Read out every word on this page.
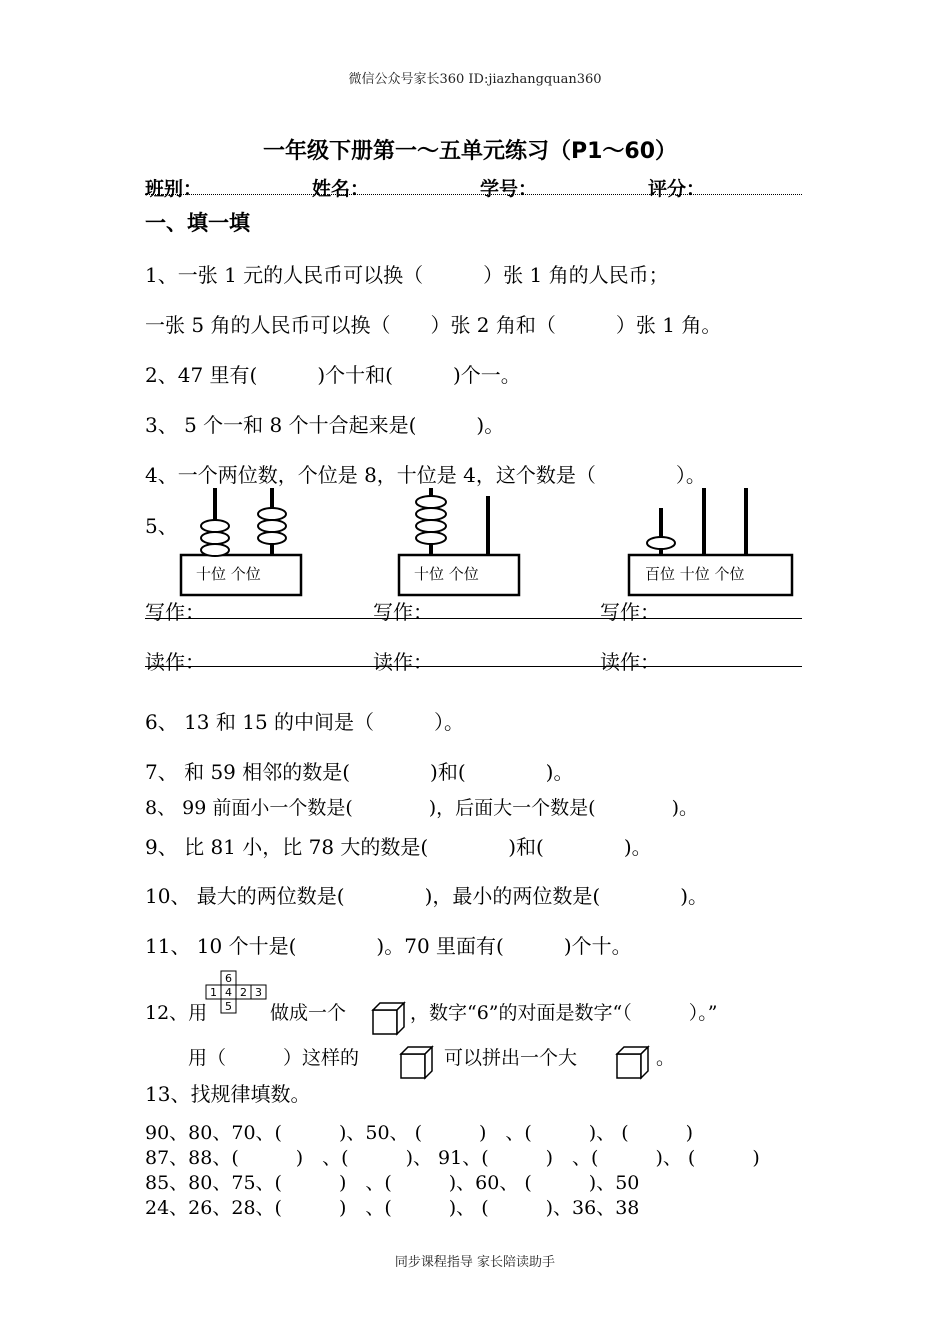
微信公众号家长360 ID:jiazhangquan360
一年级下册第一～五单元练习（P1～60）
班别：	姓名：	学号：	评分：
一、填一填
1、一张 1 元的人民币可以换（　　　）张 1 角的人民币；
一张 5 角的人民币可以换（　　）张 2 角和（　　　）张 1 角。
2、47 里有(　　　)个十和(　　　)个一。
3、 5 个一和 8 个十合起来是(　　　)。
4、一个两位数，个位是 8，十位是 4，这个数是（　　　　）。
5、
十位 个位	十位 个位	百位 十位 个位
写作：	写作：	写作：
读作：	读作：	读作：
6、 13 和 15 的中间是（　　　）。
7、 和 59 相邻的数是(　　　　)和(　　　　)。
8、 99 前面小一个数是(　　　　)，后面大一个数是(　　　　)。
9、 比 81 小，比 78 大的数是(　　　　)和(　　　　)。
10、 最大的两位数是(　　　　)，最小的两位数是(　　　　)。
11、 10 个十是(　　　　)。70 里面有(　　　)个十。
12、用
6
1 4 2 3
5 做成一个	，数字“6”的对面是数字“（　　　）。”
用（　　　）这样的	可以拼出一个大	。
13、找规律填数。
90、80、70、(　　　)、50、 (　　　)　、(　　　)、 (　　　)
87、88、(　　　)　、(　　　)、 91、(　　　)　、(　　　)、 (　　　)
85、80、75、(　　　)　、(　　　)、60、 (　　　)、50
24、26、28、(　　　)　、(　　　)、 (　　　)、36、38
同步课程指导 家长陪读助手
